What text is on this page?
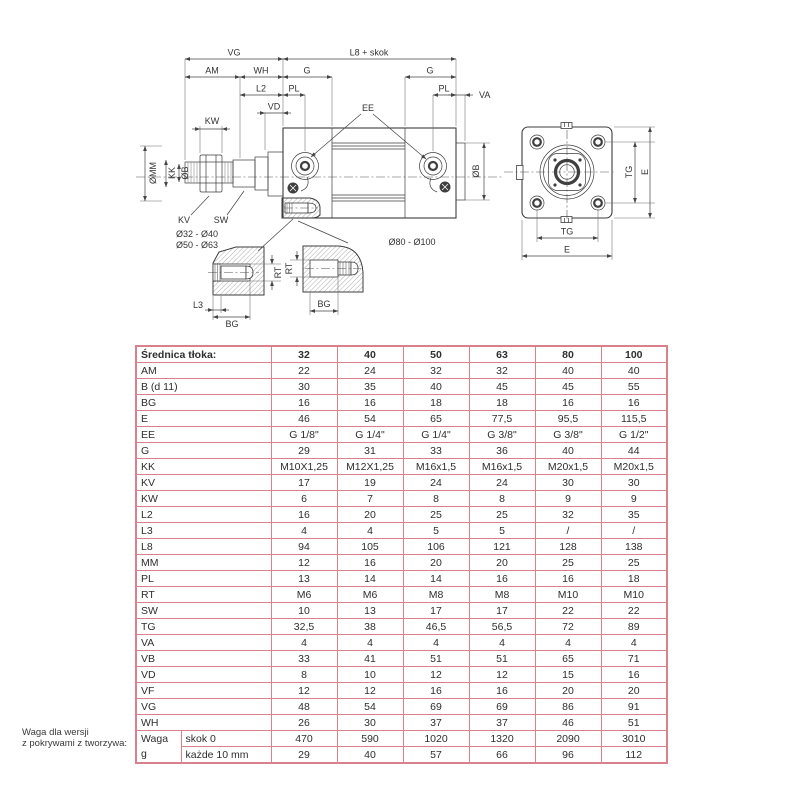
VG	L8 + skok
AM	WH	G	G
L2 PL	PL
VA
VD
KW
EE
ØMM KK ØB	ØB
KV	SW
Ø32 - Ø40
Ø50 - Ø63	Ø80 - Ø100
RT
L3
BG
RT
BG
TG E
TG
E
Średnica tłoka:		32	40	50	63	80	100
AM		22	24	32	32	40	40
B (d 11)		30	35	40	45	45	55
BG		16	16	18	18	16	16
E		46	54	65	77,5	95,5	115,5
EE		G 1/8"	G 1/4"	G 1/4"	G 3/8"	G 3/8"	G 1/2"
G		29	31	33	36	40	44
KK		M10X1,25	M12X1,25	M16x1,5	M16x1,5	M20x1,5	M20x1,5
KV		17	19	24	24	30	30
KW		6	7	8	8	9	9
L2		16	20	25	25	32	35
L3		4	4	5	5	/	/
L8		94	105	106	121	128	138
MM		12	16	20	20	25	25
PL		13	14	14	16	16	18
RT		M6	M6	M8	M8	M10	M10
SW		10	13	17	17	22	22
TG		32,5	38	46,5	56,5	72	89
VA		4	4	4	4	4	4
VB		33	41	51	51	65	71
VD		8	10	12	12	15	16
VF		12	12	16	16	20	20
VG		48	54	69	69	86	91
WH		26	30	37	37	46	51

Waga
g	skok 0	470	590	1020	1320	2090	3010
	każde 10 mm	29	40	57	66	96	112
Waga dla wersji
z pokrywami z tworzywa:
